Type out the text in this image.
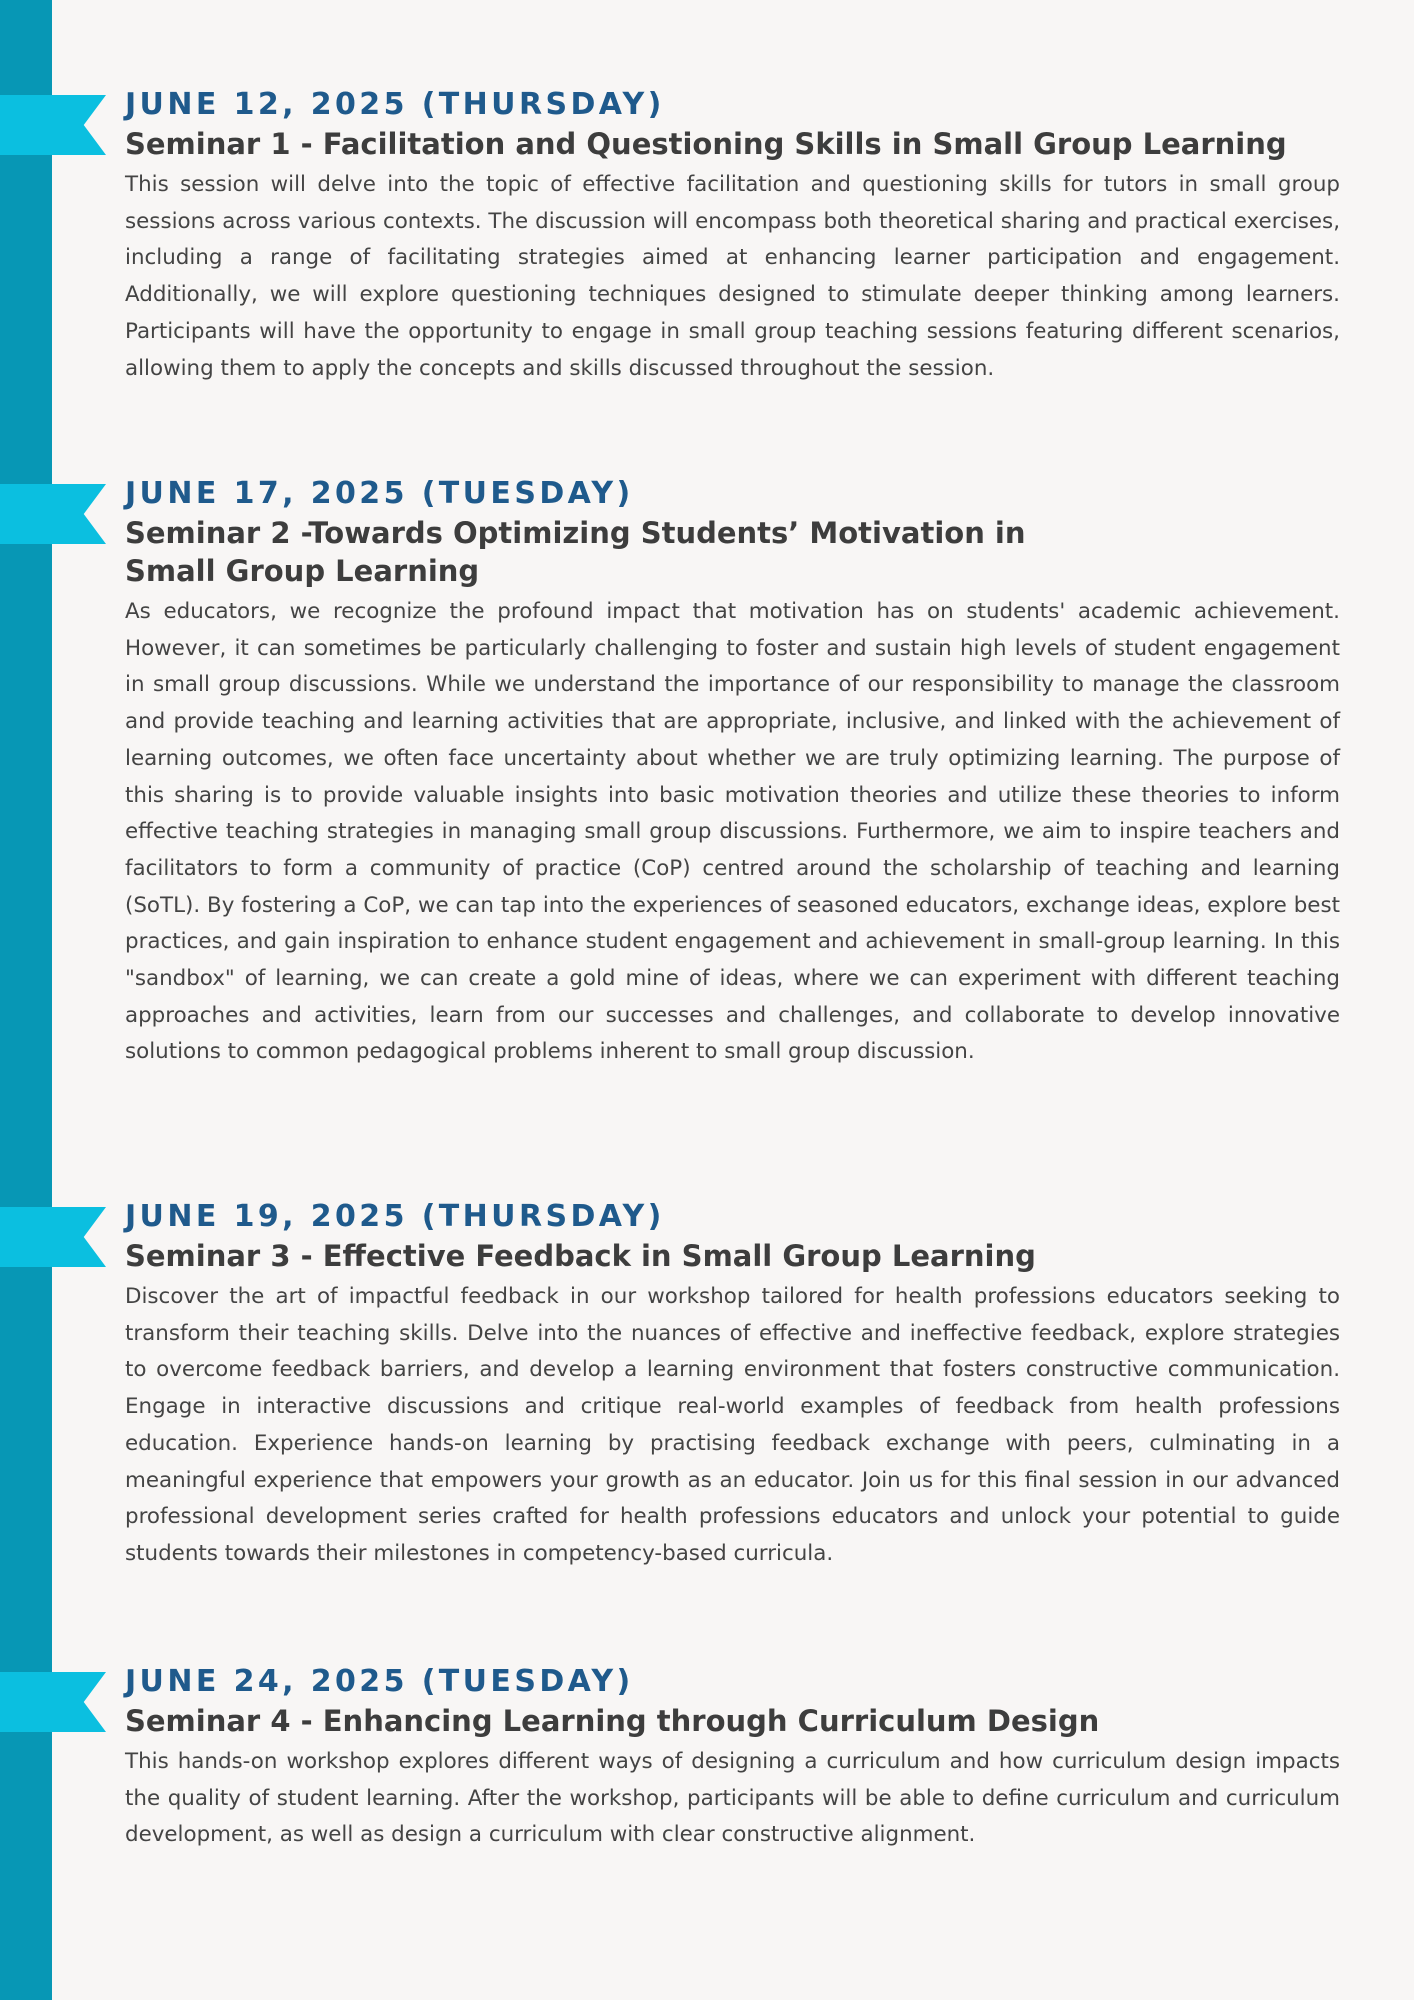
JUNE 12, 2025 (THURSDAY)
Seminar 1 - Facilitation and Questioning Skills in Small Group Learning

This session will delve into the topic of effective facilitation and questioning skills for tutors in small group sessions across various contexts. The discussion will encompass both theoretical sharing and practical exercises, including a range of facilitating strategies aimed at enhancing learner participation and engagement. Additionally, we will explore questioning techniques designed to stimulate deeper thinking among learners. Participants will have the opportunity to engage in small group teaching sessions featuring different scenarios, allowing them to apply the concepts and skills discussed throughout the session.

JUNE 17, 2025 (TUESDAY)
Seminar 2 -Towards Optimizing Students’ Motivation in
Small Group Learning

As educators, we recognize the profound impact that motivation has on students' academic achievement. However, it can sometimes be particularly challenging to foster and sustain high levels of student engagement in small group discussions. While we understand the importance of our responsibility to manage the classroom and provide teaching and learning activities that are appropriate, inclusive, and linked with the achievement of learning outcomes, we often face uncertainty about whether we are truly optimizing learning. The purpose of this sharing is to provide valuable insights into basic motivation theories and utilize these theories to inform effective teaching strategies in managing small group discussions. Furthermore, we aim to inspire teachers and facilitators to form a community of practice (CoP) centred around the scholarship of teaching and learning (SoTL). By fostering a CoP, we can tap into the experiences of seasoned educators, exchange ideas, explore best practices, and gain inspiration to enhance student engagement and achievement in small-group learning. In this "sandbox" of learning, we can create a gold mine of ideas, where we can experiment with different teaching approaches and activities, learn from our successes and challenges, and collaborate to develop innovative solutions to common pedagogical problems inherent to small group discussion.

JUNE 19, 2025 (THURSDAY)
Seminar 3 - Effective Feedback in Small Group Learning

Discover the art of impactful feedback in our workshop tailored for health professions educators seeking to transform their teaching skills. Delve into the nuances of effective and ineffective feedback, explore strategies to overcome feedback barriers, and develop a learning environment that fosters constructive communication. Engage in interactive discussions and critique real-world examples of feedback from health professions education. Experience hands-on learning by practising feedback exchange with peers, culminating in a meaningful experience that empowers your growth as an educator. Join us for this final session in our advanced professional development series crafted for health professions educators and unlock your potential to guide students towards their milestones in competency-based curricula.

JUNE 24, 2025 (TUESDAY)
Seminar 4 - Enhancing Learning through Curriculum Design

This hands-on workshop explores different ways of designing a curriculum and how curriculum design impacts the quality of student learning. After the workshop, participants will be able to define curriculum and curriculum development, as well as design a curriculum with clear constructive alignment.
